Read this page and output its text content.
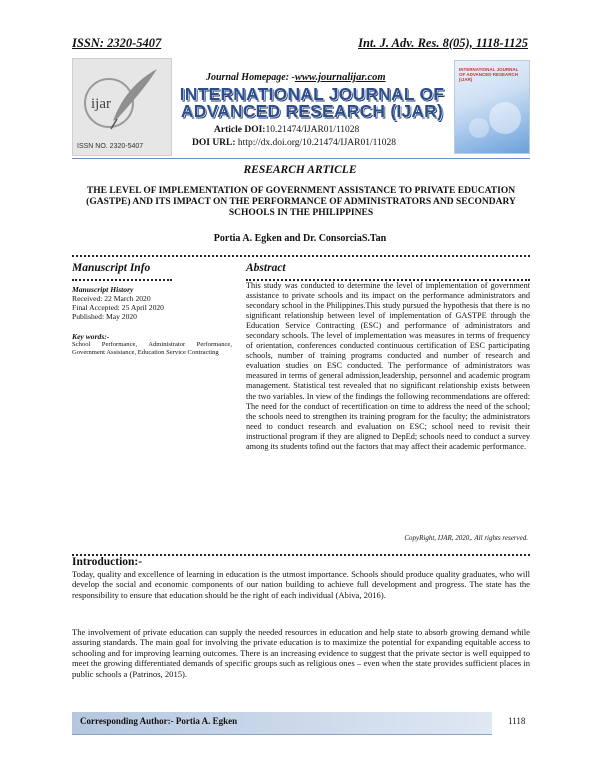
ISSN: 2320-5407	Int. J. Adv. Res. 8(05), 1118-1125
ijar
ISSN NO. 2320-5407
Journal Homepage: -www.journalijar.com
INTERNATIONAL JOURNAL OF
ADVANCED RESEARCH (IJAR)
Article DOI:10.21474/IJAR01/11028
DOI URL: http://dx.doi.org/10.21474/IJAR01/11028
INTERNATIONAL JOURNAL OF ADVANCED RESEARCH (IJAR)
RESEARCH ARTICLE
THE LEVEL OF IMPLEMENTATION OF GOVERNMENT ASSISTANCE TO PRIVATE EDUCATION (GASTPE) AND ITS IMPACT ON THE PERFORMANCE OF ADMINISTRATORS AND SECONDARY SCHOOLS IN THE PHILIPPINES
Portia A. Egken and Dr. ConsorciaS.Tan
Manuscript Info
Manuscript History
Received: 22 March 2020
Final Accepted: 25 April 2020
Published: May 2020
Key words:-
School Performance, Administrator Performance, Government Assistance, Education Service Contracting
Abstract
This study was conducted to determine the level of implementation of government assistance to private schools and its impact on the performance administrators and secondary school in the Philippines.This study pursued the hypothesis that there is no significant relationship between level of implementation of GASTPE through the Education Service Contracting (ESC) and performance of administrators and secondary schools. The level of implementation was measures in terms of frequency of orientation, conferences conducted continuous certification of ESC participating schools, number of training programs conducted and number of research and evaluation studies on ESC conducted. The performance of administrators was measured in terms of general admission,leadership, personnel and academic program management. Statistical test revealed that no significant relationship exists between the two variables. In view of the findings the following recommendations are offered: The need for the conduct of recertification on time to address the need of the school; the schools need to strengthen its training program for the faculty; the administrators need to conduct research and evaluation on ESC; school need to revisit their instructional program if they are aligned to DepEd; schools need to conduct a survey among its students tofind out the factors that may affect their academic performance.
CopyRight, IJAR, 2020,. All rights reserved.
Introduction:-
Today, quality and excellence of learning in education is the utmost importance. Schools should produce quality graduates, who will develop the social and economic components of our nation building to achieve full development and progress. The state has the responsibility to ensure that education should be the right of each individual (Abiva, 2016).
The involvement of private education can supply the needed resources in education and help state to absorb growing demand while assuring standards. The main goal for involving the private education is to maximize the potential for expanding equitable access to schooling and for improving learning outcomes. There is an increasing evidence to suggest that the private sector is well equipped to meet the growing differentiated demands of specific groups such as religious ones – even when the state provides sufficient places in public schools a (Patrinos, 2015).
Corresponding Author:- Portia A. Egken	1118
